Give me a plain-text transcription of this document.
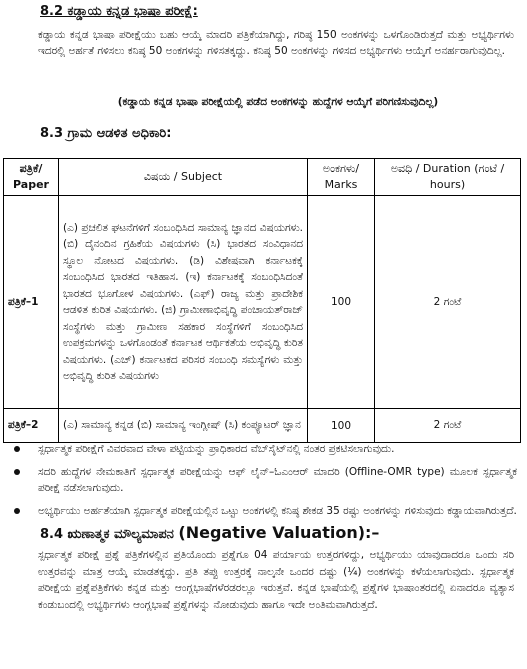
8.2 ಕಡ್ಡಾಯ ಕನ್ನಡ ಭಾಷಾ ಪರೀಕ್ಷೆ:
ಕಡ್ಡಾಯ ಕನ್ನಡ ಭಾಷಾ ಪರೀಕ್ಷೆಯು ಬಹು ಆಯ್ಕೆ ಮಾದರಿ ಪತ್ರಿಕೆಯಾಗಿದ್ದು, ಗರಿಷ್ಠ 150 ಅಂಕಗಳನ್ನು ಒಳಗೊಂಡಿರುತ್ತದೆ ಮತ್ತು ಅಭ್ಯರ್ಥಿಗಳು ಇದರಲ್ಲಿ ಅರ್ಹತೆ ಗಳಿಸಲು ಕನಿಷ್ಠ 50 ಅಂಕಗಳನ್ನು ಗಳಿಸತಕ್ಕದ್ದು. ಕನಿಷ್ಠ 50 ಅಂಕಗಳನ್ನು ಗಳಿಸದ ಅಭ್ಯರ್ಥಿಗಳು ಆಯ್ಕೆಗೆ ಅನರ್ಹರಾಗುವುದಿಲ್ಲ.
(ಕಡ್ಡಾಯ ಕನ್ನಡ ಭಾಷಾ ಪರೀಕ್ಷೆಯಲ್ಲಿ ಪಡೆದ ಅಂಕಗಳನ್ನು ಹುದ್ದೆಗಳ ಆಯ್ಕೆಗೆ ಪರಿಗಣಿಸುವುದಿಲ್ಲ)
8.3 ಗ್ರಾಮ ಆಡಳಿತ ಅಧಿಕಾರಿ:
ಪತ್ರಿಕೆ/ Paper	ವಿಷಯ / Subject	ಅಂಕಗಳು/ Marks	ಅವಧಿ / Duration (ಗಂಟೆ / hours)
ಪತ್ರಿಕೆ–1	(ಎ) ಪ್ರಚಲಿತ ಘಟನೆಗಳಿಗೆ ಸಂಬಂಧಿಸಿದ ಸಾಮಾನ್ಯ ಜ್ಞಾನದ ವಿಷಯಗಳು. (ಬಿ) ದೈನಂದಿನ ಗ್ರಹಿಕೆಯ ವಿಷಯಗಳು (ಸಿ) ಭಾರತದ ಸಂವಿಧಾನದ ಸ್ಥೂಲ ನೋಟದ ವಿಷಯಗಳು. (ಡಿ) ವಿಶೇಷವಾಗಿ ಕರ್ನಾಟಕಕ್ಕೆ ಸಂಬಂಧಿಸಿದ ಭಾರತದ ಇತಿಹಾಸ. (ಇ) ಕರ್ನಾಟಕಕ್ಕೆ ಸಂಬಂಧಿಸಿದಂತೆ ಭಾರತದ ಭೂಗೋಳ ವಿಷಯಗಳು. (ಎಫ್) ರಾಜ್ಯ ಮತ್ತು ಪ್ರಾದೇಶಿಕ ಆಡಳಿತ ಕುರಿತ ವಿಷಯಗಳು. (ಜಿ) ಗ್ರಾಮೀಣಾಭಿವೃದ್ಧಿ ಪಂಚಾಯತ್‌ರಾಜ್ ಸಂಸ್ಥೆಗಳು ಮತ್ತು ಗ್ರಾಮೀಣ ಸಹಕಾರ ಸಂಸ್ಥೆಗಳಿಗೆ ಸಂಬಂಧಿಸಿದ ಉಪಕ್ರಮಗಳನ್ನು ಒಳಗೊಂಡಂತೆ ಕರ್ನಾಟಕ ಆರ್ಥಿಕತೆಯ ಅಭಿವೃದ್ಧಿ ಕುರಿತ ವಿಷಯಗಳು. (ಎಚ್) ಕರ್ನಾಟಕದ ಪರಿಸರ ಸಂಬಂಧಿ ಸಮಸ್ಯೆಗಳು ಮತ್ತು ಅಭಿವೃದ್ಧಿ ಕುರಿತ ವಿಷಯಗಳು	100	2 ಗಂಟೆ
ಪತ್ರಿಕೆ–2	(ಎ) ಸಾಮಾನ್ಯ ಕನ್ನಡ (ಬಿ) ಸಾಮಾನ್ಯ ಇಂಗ್ಲೀಷ್ (ಸಿ) ಕಂಪ್ಯೂಟರ್ ಜ್ಞಾನ	100	2 ಗಂಟೆ
ಸ್ಪರ್ಧಾತ್ಮಕ ಪರೀಕ್ಷೆಗೆ ವಿವರವಾದ ವೇಳಾ ಪಟ್ಟಿಯನ್ನು ಪ್ರಾಧಿಕಾರದ ವೆಬ್‌ಸೈಟ್‌ನಲ್ಲಿ ನಂತರ ಪ್ರಕಟಿಸಲಾಗುವುದು.
ಸದರಿ ಹುದ್ದೆಗಳ ನೇಮಕಾತಿಗೆ ಸ್ಪರ್ಧಾತ್ಮಕ ಪರೀಕ್ಷೆಯನ್ನು ಆಫ್ ಲೈನ್–ಓಎಂಆರ್ ಮಾದರಿ (Offline-OMR type) ಮೂಲಕ ಸ್ಪರ್ಧಾತ್ಮಕ ಪರೀಕ್ಷೆ ನಡೆಸಲಾಗುವುದು.
ಅಭ್ಯರ್ಥಿಯು ಅರ್ಹತೆಯಾಗಿ ಸ್ಪರ್ಧಾತ್ಮಕ ಪರೀಕ್ಷೆಯಲ್ಲಿನ ಒಟ್ಟು ಅಂಕಗಳಲ್ಲಿ ಕನಿಷ್ಠ ಶೇಕಡ 35 ರಷ್ಟು ಅಂಕಗಳನ್ನು ಗಳಿಸುವುದು ಕಡ್ಡಾಯವಾಗಿರುತ್ತದೆ.
8.4 ಋಣಾತ್ಮಕ ಮೌಲ್ಯಮಾಪನ (Negative Valuation):–
ಸ್ಪರ್ಧಾತ್ಮಕ ಪರೀಕ್ಷೆ ಪ್ರಶ್ನೆ ಪತ್ರಿಕೆಗಳಲ್ಲಿನ ಪ್ರತಿಯೊಂದು ಪ್ರಶ್ನೆಗೂ 04 ಪರ್ಯಾಯ ಉತ್ತರಗಳಿದ್ದು, ಅಭ್ಯರ್ಥಿಯು ಯಾವುದಾದರೂ ಒಂದು ಸರಿ ಉತ್ತರವನ್ನು ಮಾತ್ರ ಆಯ್ಕೆ ಮಾಡತಕ್ಕದ್ದು. ಪ್ರತಿ ತಪ್ಪು ಉತ್ತರಕ್ಕೆ ನಾಲ್ಕನೇ ಒಂದರ ದಷ್ಟು (¼) ಅಂಕಗಳನ್ನು ಕಳೆಯಲಾಗುವುದು. ಸ್ಪರ್ಧಾತ್ಮಕ ಪರೀಕ್ಷೆಯ ಪ್ರಶ್ನೆಪತ್ರಿಕೆಗಳು ಕನ್ನಡ ಮತ್ತು ಆಂಗ್ಲಭಾಷೆಗಳೆರಡರಲ್ಲೂ ಇರುತ್ತವೆ. ಕನ್ನಡ ಭಾಷೆಯಲ್ಲಿ ಪ್ರಶ್ನೆಗಳ ಭಾಷಾಂತರದಲ್ಲಿ ಏನಾದರೂ ವ್ಯತ್ಯಾಸ ಕಂಡುಬಂದಲ್ಲಿ ಅಭ್ಯರ್ಥಿಗಳು ಆಂಗ್ಲಭಾಷೆ ಪ್ರಶ್ನೆಗಳನ್ನು ನೋಡುವುದು ಹಾಗೂ ಇದೇ ಅಂತಿಮವಾಗಿರುತ್ತದೆ.
